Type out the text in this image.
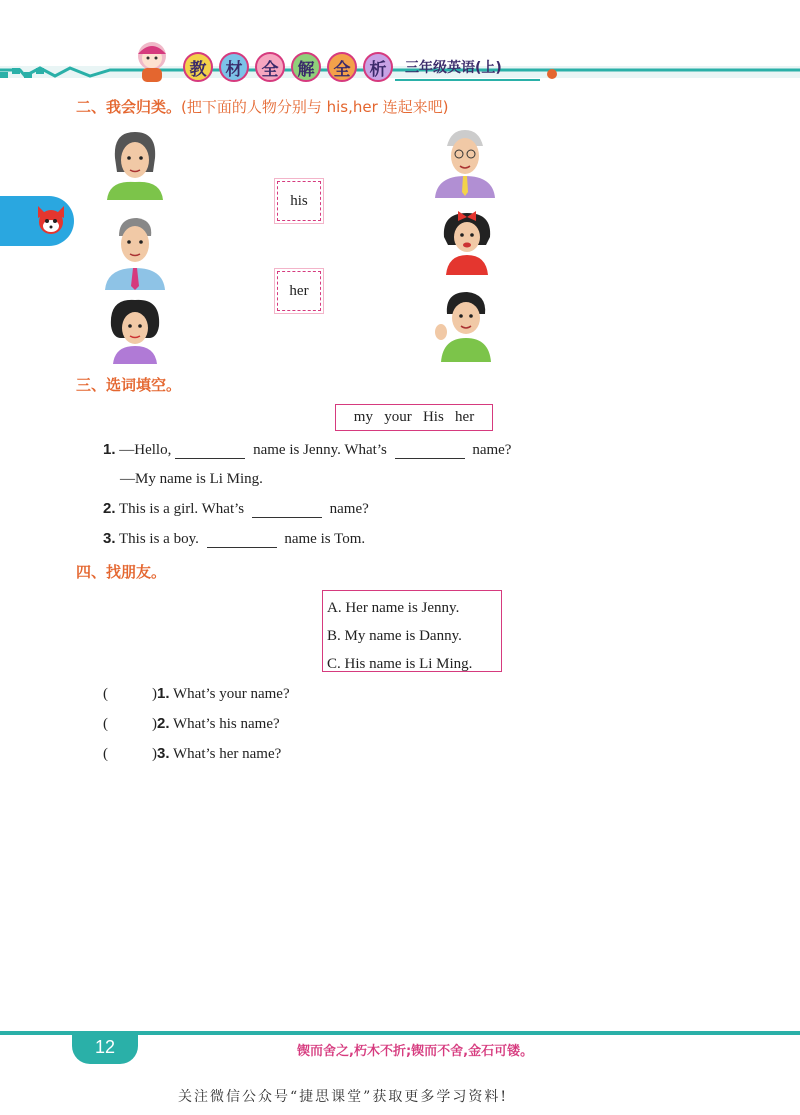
教	材	全	解	全	析	三年级英语(上)
二、我会归类。(把下面的人物分别与 his,her 连起来吧)
his
her
三、选词填空。
my   your   His   her
1. —Hello,	name is Jenny. What’s	name?
—My name is Li Ming.
2. This is a girl. What’s	name?
3. This is a boy.	name is Tom.
四、找朋友。
A. Her name is Jenny.
B. My name is Danny.
C. His name is Li Ming.
(	)1. What’s your name?
(	)2. What’s his name?
(	)3. What’s her name?
12	锲而舍之,朽木不折;锲而不舍,金石可镂。
关注微信公众号“捷思课堂”获取更多学习资料!
